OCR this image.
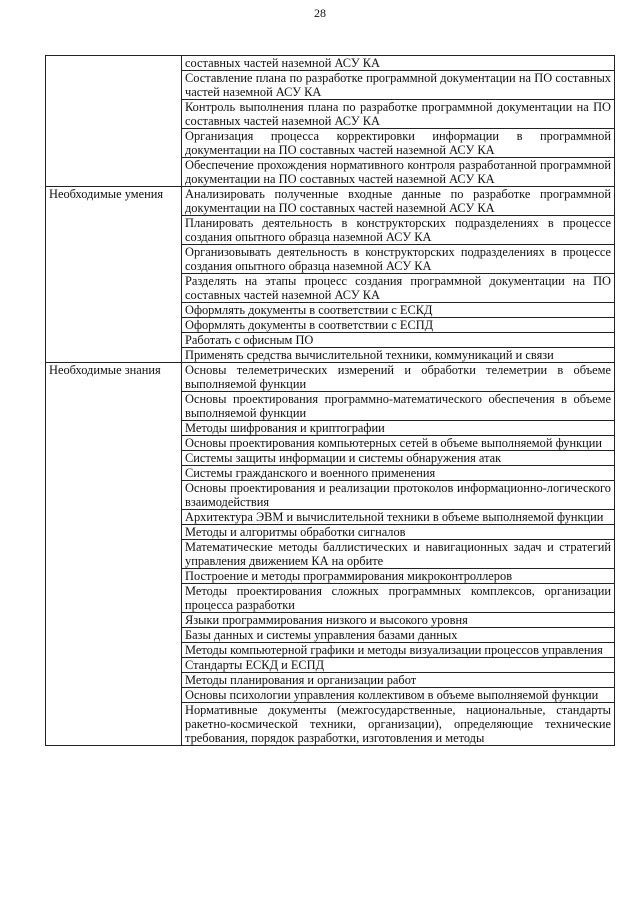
28
	составных частей наземной АСУ КА
	Составление плана по разработке программной документации на ПО составных частей наземной АСУ КА
	Контроль выполнения плана по разработке программной документации на ПО составных частей наземной АСУ КА
	Организация процесса корректировки информации в программной документации на ПО составных частей наземной АСУ КА
	Обеспечение прохождения нормативного контроля разработанной программной документации на ПО составных частей наземной АСУ КА

Необходимые умения	Анализировать полученные входные данные по разработке программной документации на ПО составных частей наземной АСУ КА
	Планировать деятельность в конструкторских подразделениях в процессе создания опытного образца наземной АСУ КА
	Организовывать деятельность в конструкторских подразделениях в процессе создания опытного образца наземной АСУ КА
	Разделять на этапы процесс создания программной документации на ПО составных частей наземной АСУ КА
	Оформлять документы в соответствии с ЕСКД
	Оформлять документы в соответствии с ЕСПД
	Работать с офисным ПО
	Применять средства вычислительной техники, коммуникаций и связи

Необходимые знания	Основы телеметрических измерений и обработки телеметрии в объеме выполняемой функции
	Основы проектирования программно-математического обеспечения в объеме выполняемой функции
	Методы шифрования и криптографии
	Основы проектирования компьютерных сетей в объеме выполняемой функции
	Системы защиты информации и системы обнаружения атак
	Системы гражданского и военного применения
	Основы проектирования и реализации протоколов информационно-логического взаимодействия
	Архитектура ЭВМ и вычислительной техники в объеме выполняемой функции
	Методы и алгоритмы обработки сигналов
	Математические методы баллистических и навигационных задач и стратегий управления движением КА на орбите
	Построение и методы программирования микроконтроллеров
	Методы проектирования сложных программных комплексов, организации процесса разработки
	Языки программирования низкого и высокого уровня
	Базы данных и системы управления базами данных
	Методы компьютерной графики и методы визуализации процессов управления
	Стандарты ЕСКД и ЕСПД
	Методы планирования и организации работ
	Основы психологии управления коллективом в объеме выполняемой функции
	Нормативные документы (межгосударственные, национальные, стандарты ракетно-космической техники, организации), определяющие технические требования, порядок разработки, изготовления и методы
